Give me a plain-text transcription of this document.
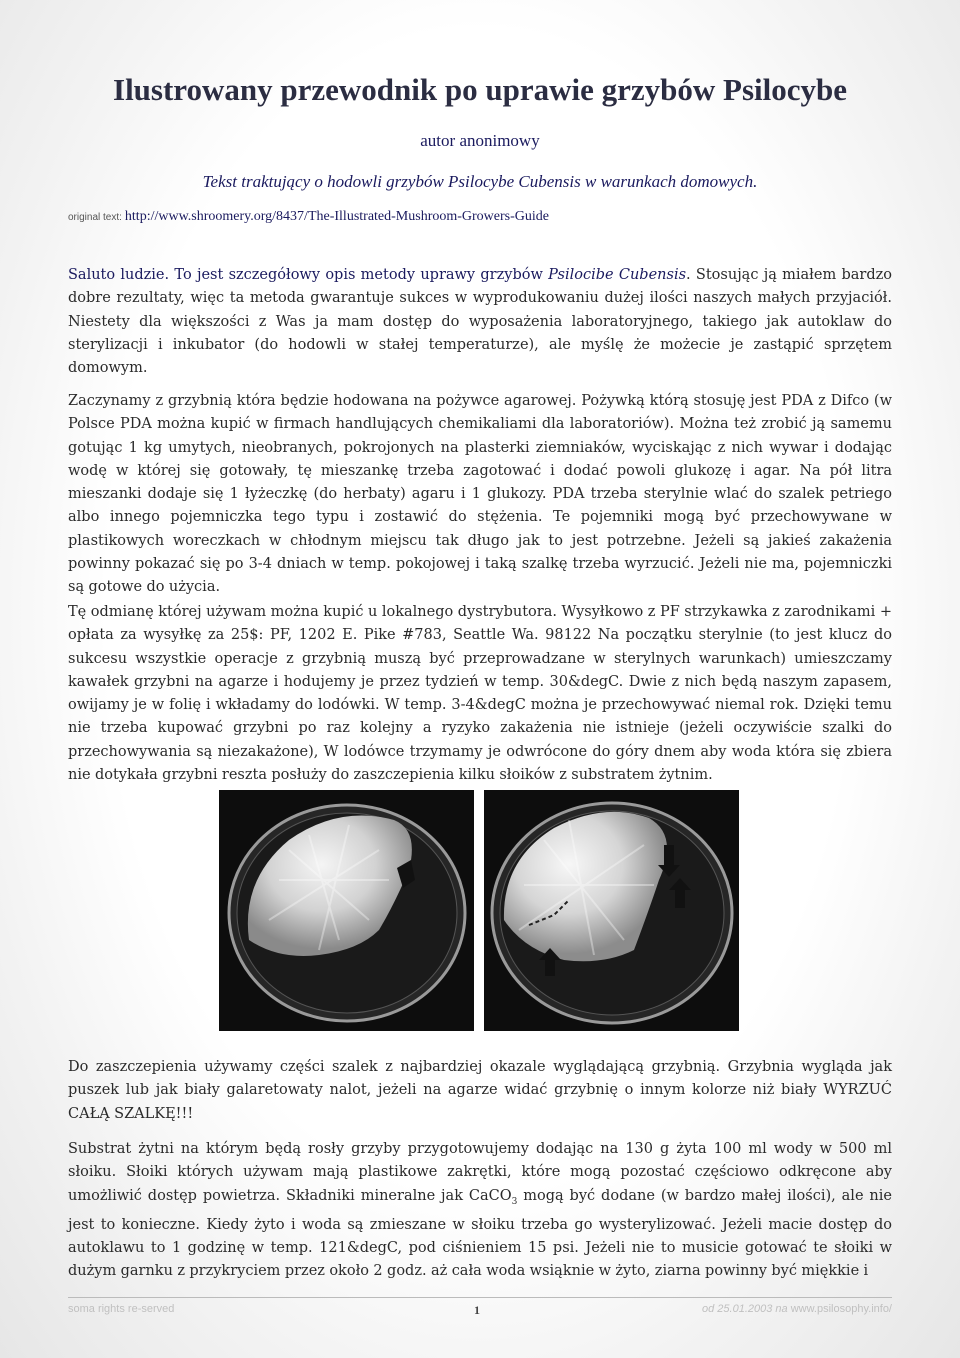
Ilustrowany przewodnik po uprawie grzybów Psilocybe
autor anonimowy
Tekst traktujący o hodowli grzybów Psilocybe Cubensis w warunkach domowych.
original text: http://www.shroomery.org/8437/The-Illustrated-Mushroom-Growers-Guide

Saluto ludzie. To jest szczegółowy opis metody uprawy grzybów Psilocibe Cubensis. Stosując ją miałem bardzo dobre rezultaty, więc ta metoda gwarantuje sukces w wyprodukowaniu dużej ilości naszych małych przyjaciół. Niestety dla większości z Was ja mam dostęp do wyposażenia laboratoryjnego, takiego jak autoklaw do sterylizacji i inkubator (do hodowli w stałej temperaturze), ale myślę że możecie je zastąpić sprzętem domowym.

Zaczynamy z grzybnią która będzie hodowana na pożywce agarowej. Pożywką którą stosuję jest PDA z Difco (w Polsce PDA można kupić w firmach handlujących chemikaliami dla laboratoriów). Można też zrobić ją samemu gotując 1 kg umytych, nieobranych, pokrojonych na plasterki ziemniaków, wyciskając z nich wywar i dodając wodę w której się gotowały, tę mieszankę trzeba zagotować i dodać powoli glukozę i agar. Na pół litra mieszanki dodaje się 1 łyżeczkę (do herbaty) agaru i 1 glukozy. PDA trzeba sterylnie wlać do szalek petriego albo innego pojemniczka tego typu i zostawić do stężenia. Te pojemniki mogą być przechowywane w plastikowych woreczkach w chłodnym miejscu tak długo jak to jest potrzebne. Jeżeli są jakieś zakażenia powinny pokazać się po 3-4 dniach w temp. pokojowej i taką szalkę trzeba wyrzucić. Jeżeli nie ma, pojemniczki są gotowe do użycia.

Tę odmianę której używam można kupić u lokalnego dystrybutora. Wysyłkowo z PF strzykawka z zarodnikami + opłata za wysyłkę za 25$: PF, 1202 E. Pike #783, Seattle Wa. 98122 Na początku sterylnie (to jest klucz do sukcesu wszystkie operacje z grzybnią muszą być przeprowadzane w sterylnych warunkach) umieszczamy kawałek grzybni na agarze i hodujemy je przez tydzień w temp. 30&degC. Dwie z nich będą naszym zapasem, owijamy je w folię i wkładamy do lodówki. W temp. 3-4&degC można je przechowywać niemal rok. Dzięki temu nie trzeba kupować grzybni po raz kolejny a ryzyko zakażenia nie istnieje (jeżeli oczywiście szalki do przechowywania są niezakażone), W lodówce trzymamy je odwrócone do góry dnem aby woda która się zbiera nie dotykała grzybni reszta posłuży do zaszczepienia kilku słoików z substratem żytnim.

Do zaszczepienia używamy części szalek z najbardziej okazale wyglądającą grzybnią. Grzybnia wygląda jak puszek lub jak biały galaretowaty nalot, jeżeli na agarze widać grzybnię o innym kolorze niż biały WYRZUĆ CAŁĄ SZALKĘ!!!

Substrat żytni na którym będą rosły grzyby przygotowujemy dodając na 130 g żyta 100 ml wody w 500 ml słoiku. Słoiki których używam mają plastikowe zakrętki, które mogą pozostać częściowo odkręcone aby umożliwić dostęp powietrza. Składniki mineralne jak CaCO$_3$ mogą być dodane (w bardzo małej ilości), ale nie jest to konieczne. Kiedy żyto i woda są zmieszane w słoiku trzeba go wysterylizować. Jeżeli macie dostęp do autoklawu to 1 godzinę w temp. 121&degC, pod ciśnieniem 15 psi. Jeżeli nie to musicie gotować te słoiki w dużym garnku z przykryciem przez około 2 godz. aż cała woda wsiąknie w żyto, ziarna powinny być miękkie i

soma rights re-served	1	od 25.01.2003 na www.psilosophy.info/
